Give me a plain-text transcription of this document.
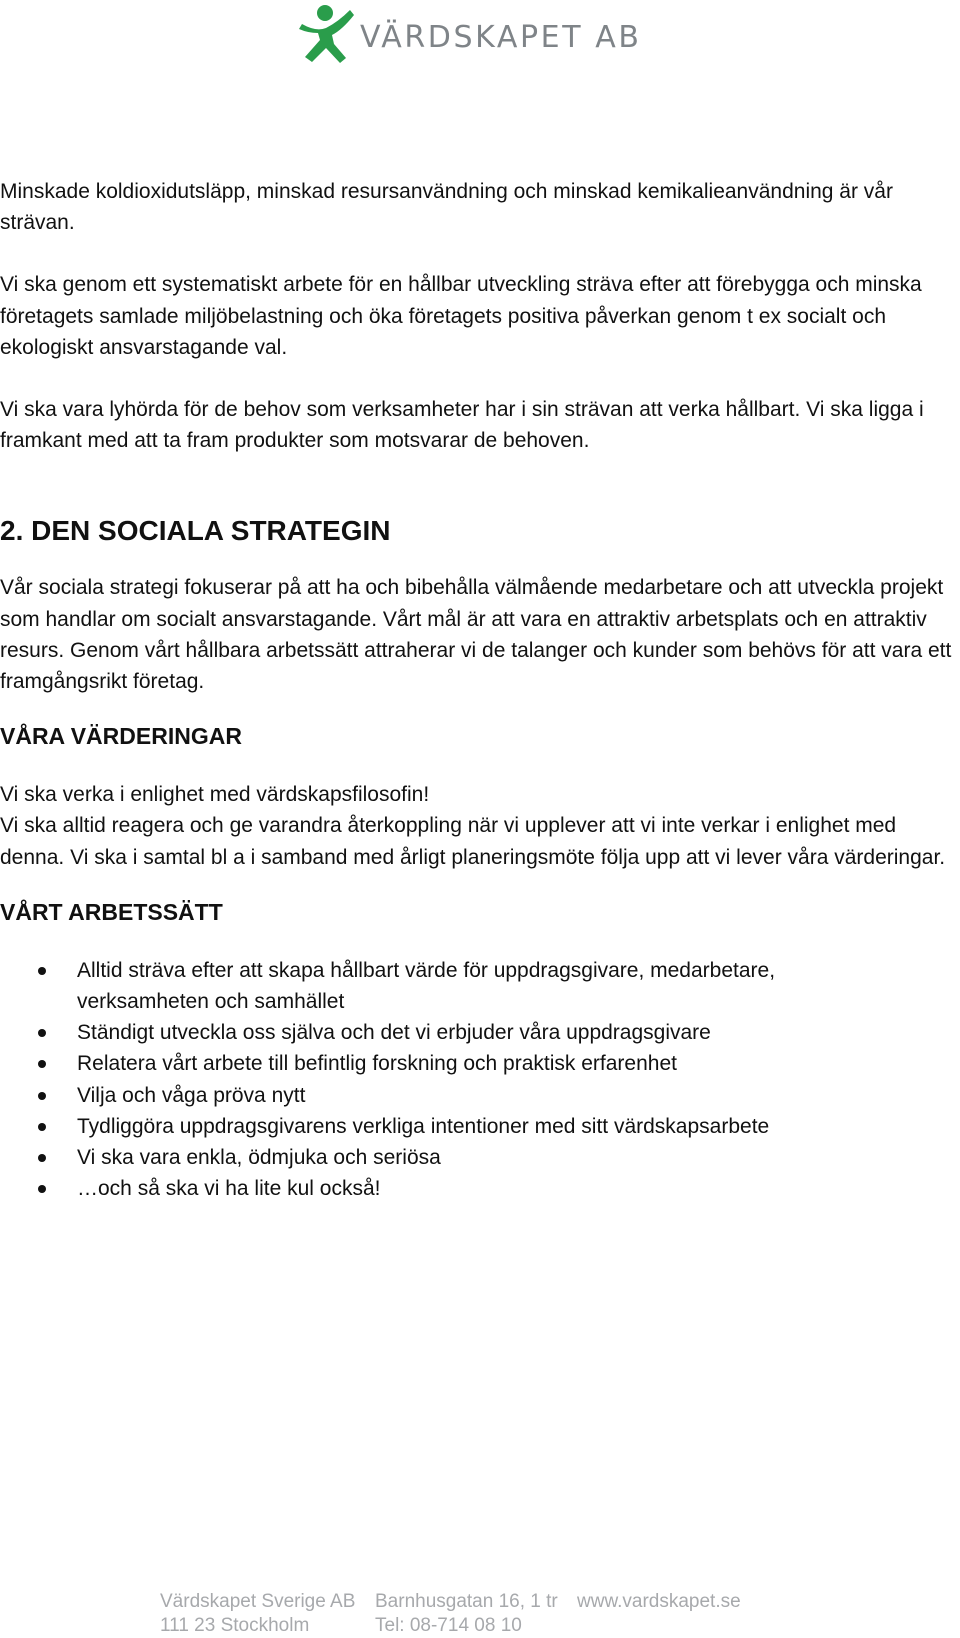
VÄRDSKAPET AB

Minskade koldioxidutsläpp, minskad resursanvändning och minskad kemikalieanvändning är vår strävan.

Vi ska genom ett systematiskt arbete för en hållbar utveckling sträva efter att förebygga och minska företagets samlade miljöbelastning och öka företagets positiva påverkan genom t ex socialt och ekologiskt ansvarstagande val.

Vi ska vara lyhörda för de behov som verksamheter har i sin strävan att verka hållbart. Vi ska ligga i framkant med att ta fram produkter som motsvarar de behoven.

2. DEN SOCIALA STRATEGIN

Vår sociala strategi fokuserar på att ha och bibehålla välmående medarbetare och att utveckla projekt som handlar om socialt ansvarstagande. Vårt mål är att vara en attraktiv arbetsplats och en attraktiv resurs. Genom vårt hållbara arbetssätt attraherar vi de talanger och kunder som behövs för att vara ett framgångsrikt företag.

VÅRA VÄRDERINGAR

Vi ska verka i enlighet med värdskapsfilosofin!

Vi ska alltid reagera och ge varandra återkoppling när vi upplever att vi inte verkar i enlighet med denna. Vi ska i samtal bl a i samband med årligt planeringsmöte följa upp att vi lever våra värderingar.

VÅRT ARBETSSÄTT
Alltid sträva efter att skapa hållbart värde för uppdragsgivare, medarbetare, verksamheten och samhället
Ständigt utveckla oss själva och det vi erbjuder våra uppdragsgivare
Relatera vårt arbete till befintlig forskning och praktisk erfarenhet
Vilja och våga pröva nytt
Tydliggöra uppdragsgivarens verkliga intentioner med sitt värdskapsarbete
Vi ska vara enkla, ödmjuka och seriösa
…och så ska vi ha lite kul också!
Värdskapet Sverige AB Barnhusgatan 16, 1 tr www.vardskapet.se
111 23 Stockholm	Tel: 08-714 08 10
